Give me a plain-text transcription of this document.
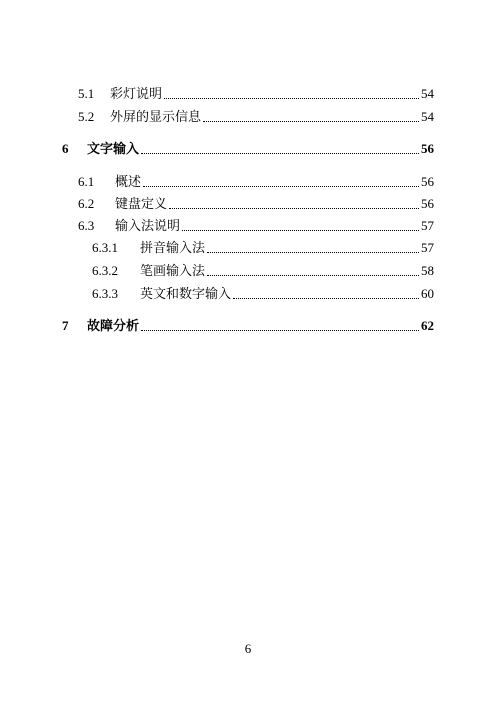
5.1	彩灯说明	54
5.2	外屏的显示信息	54
6	文字输入	56
6.1	概述	56
6.2	键盘定义	56
6.3	输入法说明	57
6.3.1	拼音输入法	57
6.3.2	笔画输入法	58
6.3.3	英文和数字输入	60
7	故障分析	62
6
